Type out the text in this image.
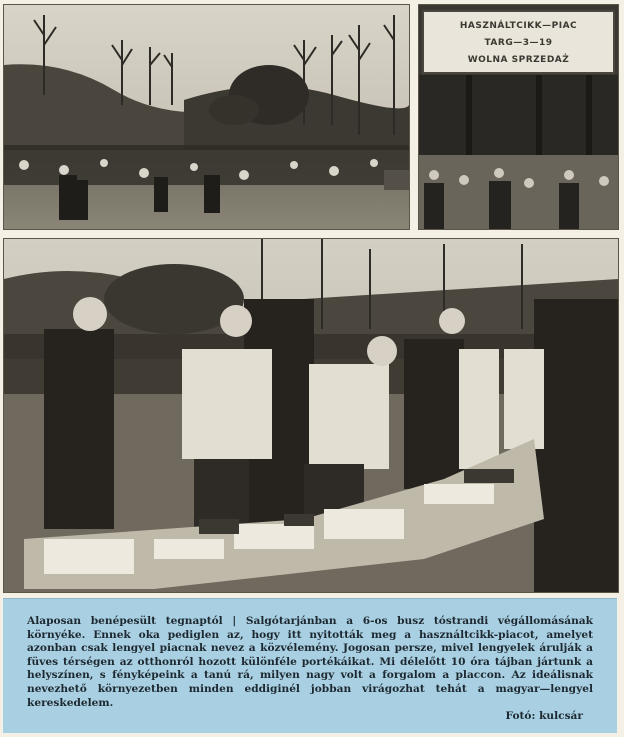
HASZNÁLTCIKK—PIAC
TARG—3—19
WOLNA SPRZEDAŻ

Alaposan benépesült tegnaptól | Salgótarjánban a 6-os busz tóstrandi végállomásának környéke. Ennek oka pediglen az, hogy itt nyitották meg a használtcikk-piacot, amelyet azonban csak lengyel piacnak nevez a közvélemény. Jogosan persze, mivel lengyelek árulják a füves térségen az otthonról hozott különféle portékáikat. Mi délelőtt 10 óra tájban jártunk a helyszínen, s fényképeink a tanú rá, milyen nagy volt a forgalom a placcon. Az ideálisnak nevezhető környezetben minden eddiginél jobban virágozhat tehát a magyar—lengyel kereskedelem.

Fotó: kulcsár
